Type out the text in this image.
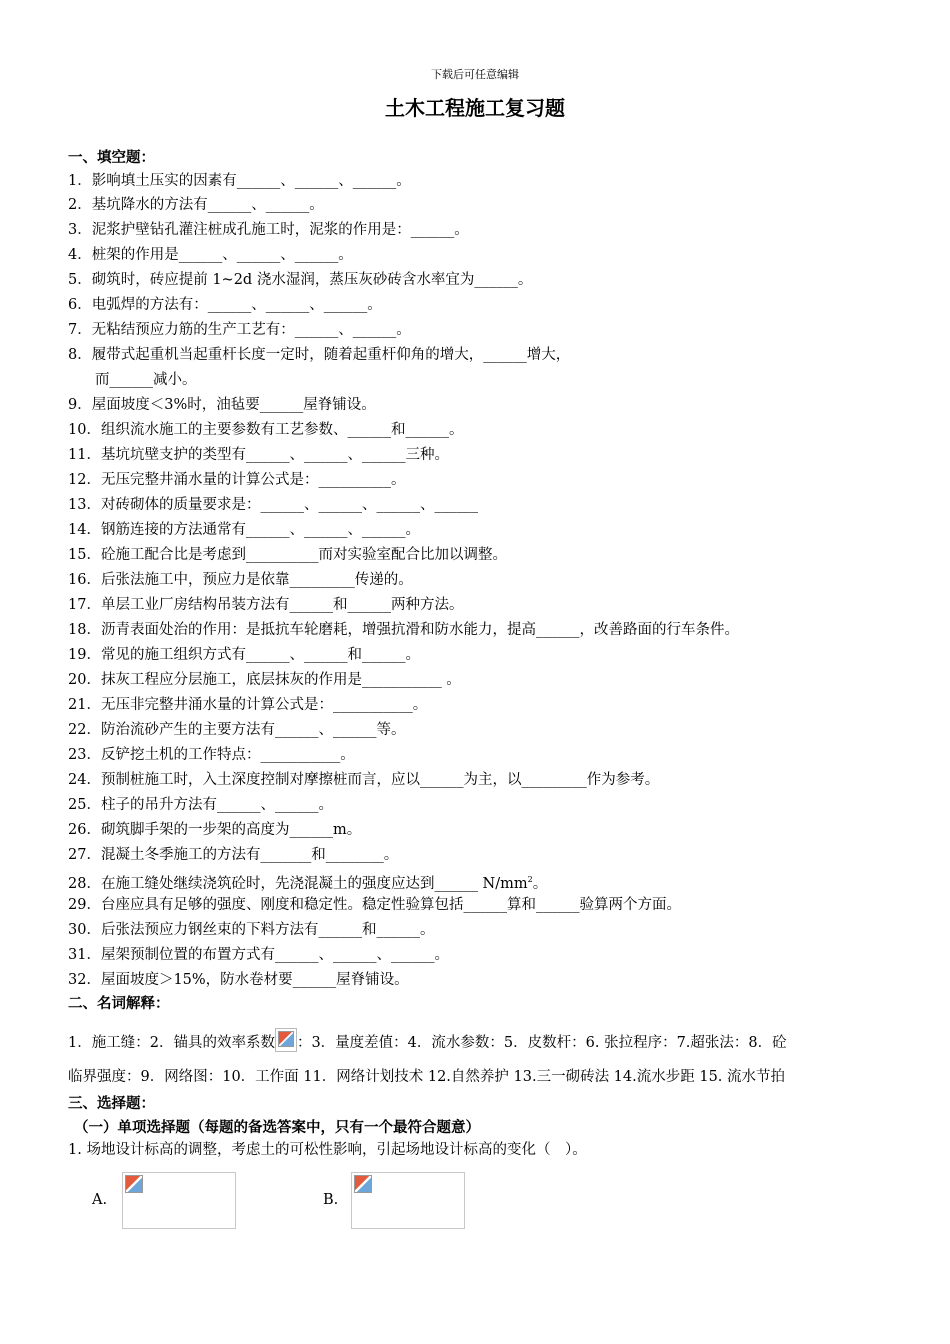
下载后可任意编辑
土木工程施工复习题
一、填空题：
1．影响填土压实的因素有______、______、______。
2．基坑降水的方法有______、______。
3．泥浆护壁钻孔灌注桩成孔施工时，泥浆的作用是：______。
4．桩架的作用是______、______、______。
5．砌筑时，砖应提前 1~2d 浇水湿润，蒸压灰砂砖含水率宜为______。
6．电弧焊的方法有：______、______、______。
7．无粘结预应力筋的生产工艺有：______、______。
8．履带式起重机当起重杆长度一定时，随着起重杆仰角的增大，______增大，
9．屋面坡度＜3%时，油毡要______屋脊铺设。
10．组织流水施工的主要参数有工艺参数、______和______。
11．基坑坑壁支护的类型有______、______、______三种。
12．无压完整井涌水量的计算公式是：__________。
13．对砖砌体的质量要求是：______、______、______、______
14．钢筋连接的方法通常有______、______、______。
15．砼施工配合比是考虑到__________而对实验室配合比加以调整。
16．后张法施工中，预应力是依靠_________传递的。
17．单层工业厂房结构吊装方法有______和______两种方法。
18．沥青表面处治的作用：是抵抗车轮磨耗，增强抗滑和防水能力，提高______，改善路面的行车条件。
19．常见的施工组织方式有______、______和______。
20．抹灰工程应分层施工，底层抹灰的作用是___________ 。
21．无压非完整井涌水量的计算公式是：___________。
22．防治流砂产生的主要方法有______、______等。
23．反铲挖土机的工作特点：___________。
24．预制桩施工时，入土深度控制对摩擦桩而言，应以______为主，以_________作为参考。
25．柱子的吊升方法有______、______。
26．砌筑脚手架的一步架的高度为______m。
27．混凝土冬季施工的方法有_______和________。
28．在施工缝处继续浇筑砼时，先浇混凝土的强度应达到______ $N/mm^2$。
29．台座应具有足够的强度、刚度和稳定性。稳定性验算包括______算和______验算两个方面。
30．后张法预应力钢丝束的下料方法有______和______。
31．屋架预制位置的布置方式有______、______、______。
32．屋面坡度＞15%，防水卷材要______屋脊铺设。
而______减小。
二、名词解释：
1．施工缝：2．锚具的效率系数 ：3．量度差值：4．流水参数：5．皮数杆：6. 张拉程序：7.超张法：8．砼
临界强度：9．网络图：10．工作面 11．网络计划技术 12.自然养护 13.三一砌砖法 14.流水步距 15. 流水节拍
三、选择题：
（一）单项选择题（每题的备选答案中，只有一个最符合题意）
1. 场地设计标高的调整，考虑土的可松性影响，引起场地设计标高的变化（　）。
A.	B.
